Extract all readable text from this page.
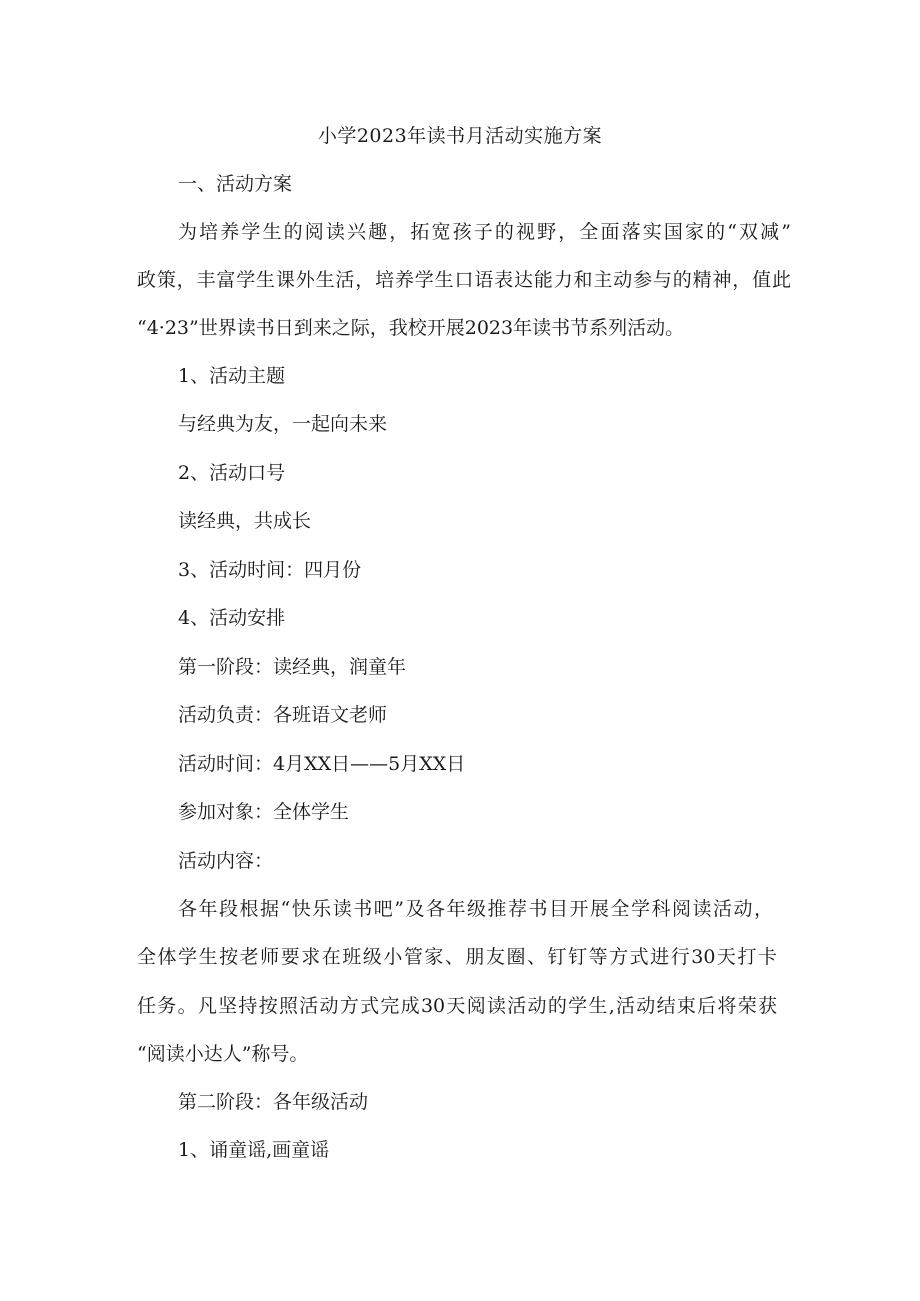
小学2023年读书月活动实施方案
一、活动方案
为培养学生的阅读兴趣，拓宽孩子的视野，全面落实国家的“双减”
政策，丰富学生课外生活，培养学生口语表达能力和主动参与的精神，值此
“4·23”世界读书日到来之际，我校开展2023年读书节系列活动。
1、活动主题
与经典为友，一起向未来
2、活动口号
读经典，共成长
3、活动时间：四月份
4、活动安排
第一阶段：读经典，润童年
活动负责：各班语文老师
活动时间：4月XX日——5月XX日
参加对象：全体学生
活动内容：
各年段根据“快乐读书吧”及各年级推荐书目开展全学科阅读活动，
全体学生按老师要求在班级小管家、朋友圈、钉钉等方式进行30天打卡
任务。凡坚持按照活动方式完成30天阅读活动的学生,活动结束后将荣获
“阅读小达人”称号。
第二阶段：各年级活动
1、诵童谣,画童谣
